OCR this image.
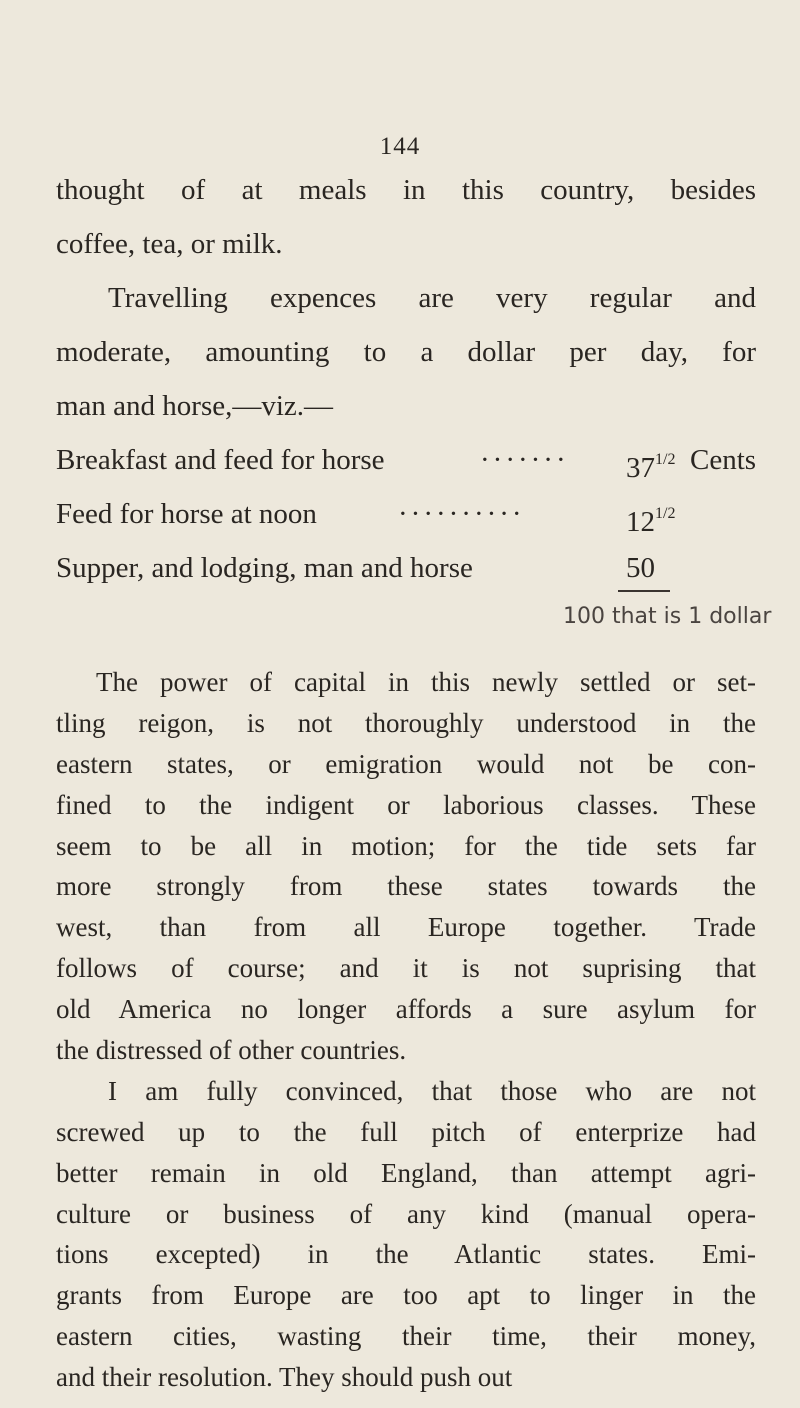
144
thought of at meals in this country, besides
coffee, tea, or milk.
Travelling expences are very regular and
moderate, amounting to a dollar per day, for
man and horse,—viz.—
Breakfast and feed for horse	······· $37^{1/2}$ Cents
Feed for horse at noon	··········	$12^{1/2}$
Supper, and lodging, man and horse	50
100 that is 1 dollar
The power of capital in this newly settled or set-
tling reigon, is not thoroughly understood in the
eastern states, or emigration would not be con-
fined to the indigent or laborious classes. These
seem to be all in motion; for the tide sets far
more strongly from these states towards the
west, than from all Europe together. Trade
follows of course; and it is not suprising that
old America no longer affords a sure asylum for
the distressed of other countries.
I am fully convinced, that those who are not
screwed up to the full pitch of enterprize had
better remain in old England, than attempt agri-
culture or business of any kind (manual opera-
tions excepted) in the Atlantic states. Emi-
grants from Europe are too apt to linger in the
eastern cities, wasting their time, their money,
and their resolution. They should push out
